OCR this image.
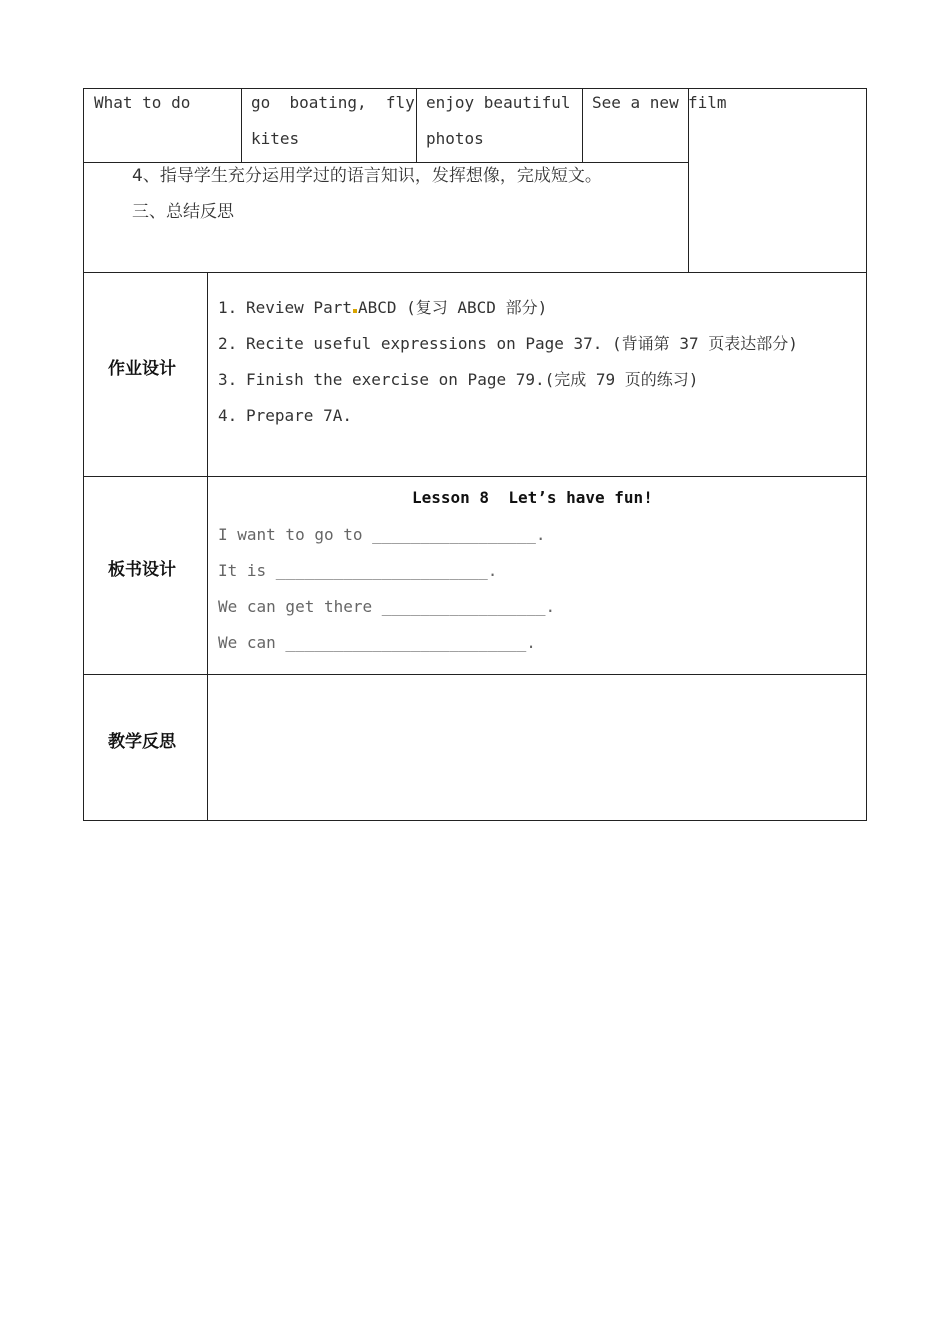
What to do	go  boating,  fly
kites
enjoy beautiful
photos
See a new film
4、指导学生充分运用学过的语言知识，发挥想像，完成短文。
三、总结反思
作业设计
1. Review Part ABCD (复习 ABCD 部分)
2. Recite useful expressions on Page 37. (背诵第 37 页表达部分)
3. Finish the exercise on Page 79.(完成 79 页的练习)
4. Prepare 7A.
板书设计
Lesson 8  Let’s have fun!
I want to go to _________________.
It is ______________________.
We can get there _________________.
We can _________________________.
教学反思
